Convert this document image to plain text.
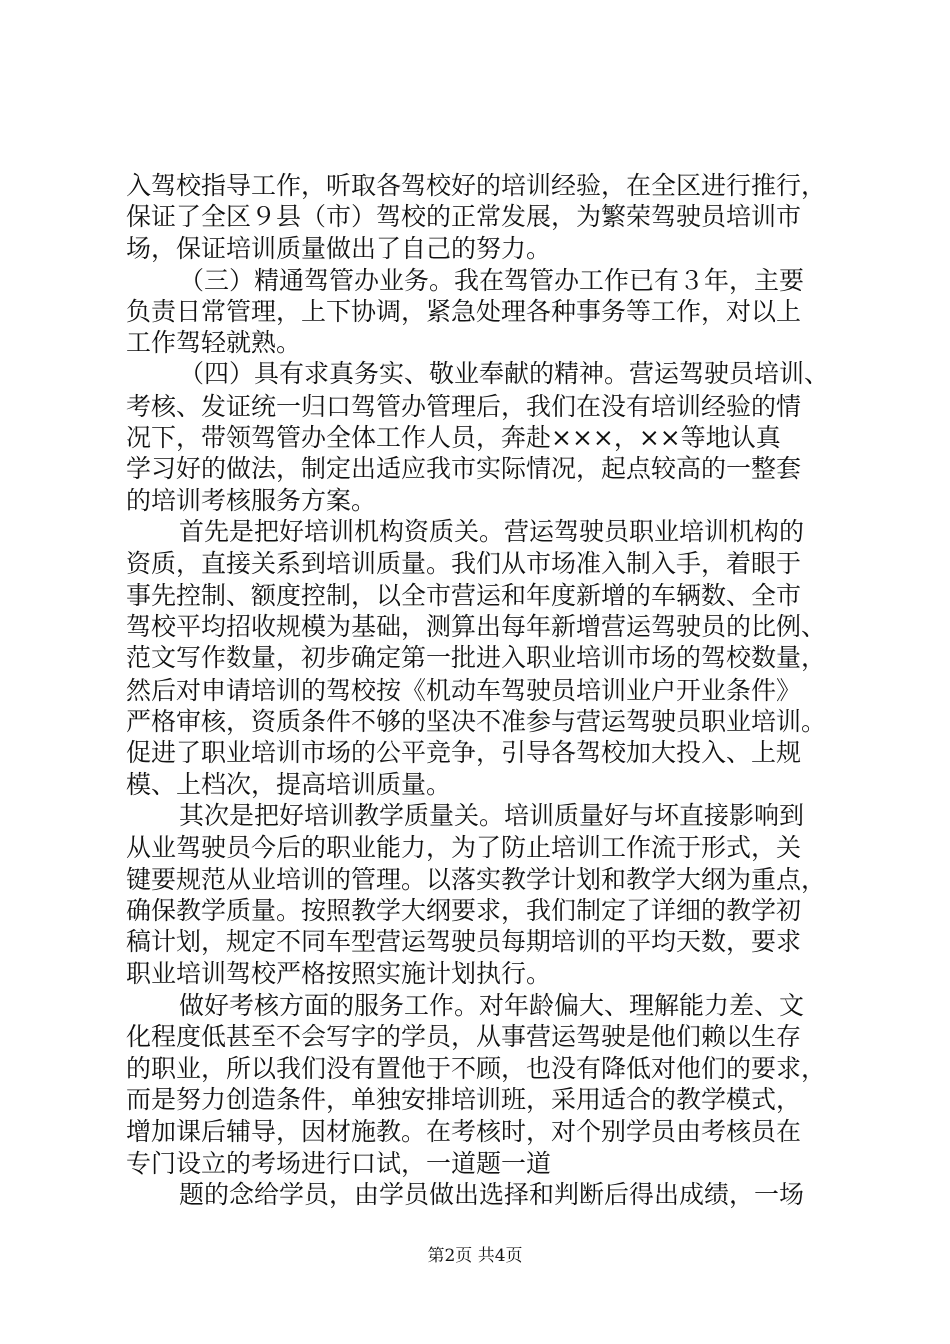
入驾校指导工作，听取各驾校好的培训经验，在全区进行推行，
保证了全区９县（市）驾校的正常发展，为繁荣驾驶员培训市
场，保证培训质量做出了自己的努力。
（三）精通驾管办业务。我在驾管办工作已有３年，主要
负责日常管理，上下协调，紧急处理各种事务等工作，对以上
工作驾轻就熟。
（四）具有求真务实、敬业奉献的精神。营运驾驶员培训、
考核、发证统一归口驾管办管理后，我们在没有培训经验的情
况下，带领驾管办全体工作人员，奔赴×××，××等地认真
学习好的做法，制定出适应我市实际情况，起点较高的一整套
的培训考核服务方案。
首先是把好培训机构资质关。营运驾驶员职业培训机构的
资质，直接关系到培训质量。我们从市场准入制入手，着眼于
事先控制、额度控制，以全市营运和年度新增的车辆数、全市
驾校平均招收规模为基础，测算出每年新增营运驾驶员的比例、
范文写作数量，初步确定第一批进入职业培训市场的驾校数量，
然后对申请培训的驾校按《机动车驾驶员培训业户开业条件》
严格审核，资质条件不够的坚决不准参与营运驾驶员职业培训。
促进了职业培训市场的公平竞争，引导各驾校加大投入、上规
模、上档次，提高培训质量。
其次是把好培训教学质量关。培训质量好与坏直接影响到
从业驾驶员今后的职业能力，为了防止培训工作流于形式，关
键要规范从业培训的管理。以落实教学计划和教学大纲为重点，
确保教学质量。按照教学大纲要求，我们制定了详细的教学初
稿计划，规定不同车型营运驾驶员每期培训的平均天数，要求
职业培训驾校严格按照实施计划执行。
做好考核方面的服务工作。对年龄偏大、理解能力差、文
化程度低甚至不会写字的学员，从事营运驾驶是他们赖以生存
的职业，所以我们没有置他于不顾，也没有降低对他们的要求，
而是努力创造条件，单独安排培训班，采用适合的教学模式，
增加课后辅导，因材施教。在考核时，对个别学员由考核员在
专门设立的考场进行口试，一道题一道
题的念给学员，由学员做出选择和判断后得出成绩，一场
第2页 共4页
